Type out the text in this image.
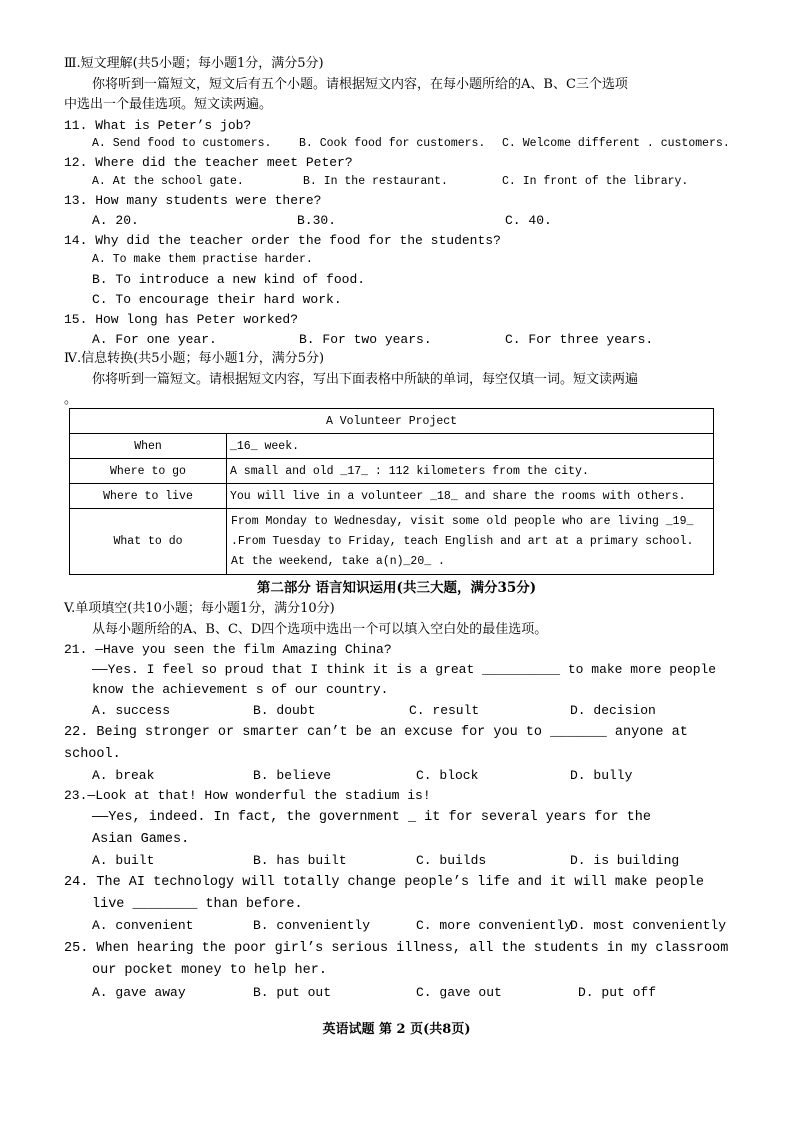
Ⅲ.短文理解(共5小题；每小题1分，满分5分)
你将听到一篇短文，短文后有五个小题。请根据短文内容，在每小题所给的A、B、C三个选项
中选出一个最佳选项。短文读两遍。
11. What is Peter’s job?
A. Send food to customers. B. Cook food for customers. C. Welcome different . customers.
12. Where did the teacher meet Peter?
A. At the school gate.	B. In the restaurant.	C. In front of the library.
13. How many students were there?
A. 20.	B.30.	C. 40.
14. Why did the teacher order the food for the students?
A. To make them practise harder.
B. To introduce a new kind of food.
C. To encourage their hard work.
15. How long has Peter worked?
A. For one year.	B. For two years.	C. For three years.
Ⅳ.信息转换(共5小题；每小题1分，满分5分)
你将听到一篇短文。请根据短文内容，写出下面表格中所缺的单词，每空仅填一词。短文读两遍
。
A Volunteer Project	
When	_16_ week.
Where to go	A small and old _17_ : 112 kilometers from the city.
Where to live	You will live in a volunteer _18_ and share the rooms with others.
What to do	From Monday to Wednesday, visit some old people who are living _19_
.From Tuesday to Friday, teach English and art at a primary school.
At the weekend, take a(n)_20_ .
第二部分 语言知识运用(共三大题，满分35分)
V.单项填空(共10小题；每小题1分，满分10分)
从每小题所给的A、B、C、D四个选项中选出一个可以填入空白处的最佳选项。
21. —Have you seen the film Amazing China?
——Yes. I feel so proud that I think it is a great __________ to make more people
know the achievement s of our country.
A. success	B. doubt	C. result	D. decision
22. Being stronger or smarter can’t be an excuse for you to _______ anyone at
school.
A. break	B. believe	C. block	D. bully
23.—Look at that! How wonderful the stadium is!
——Yes, indeed. In fact, the government _ it for several years for the
Asian Games.
A. built	B. has built	C. builds	D. is building
24. The AI technology will totally change people’s life and it will make people
live ________ than before.
A. convenient	B. conveniently	C. more conveniently
D. most conveniently
25. When hearing the poor girl’s serious illness, all the students in my classroom
our pocket money to help her.
A. gave away	B. put out	C. gave out	D. put off
英语试题 第 2 页(共8页)
